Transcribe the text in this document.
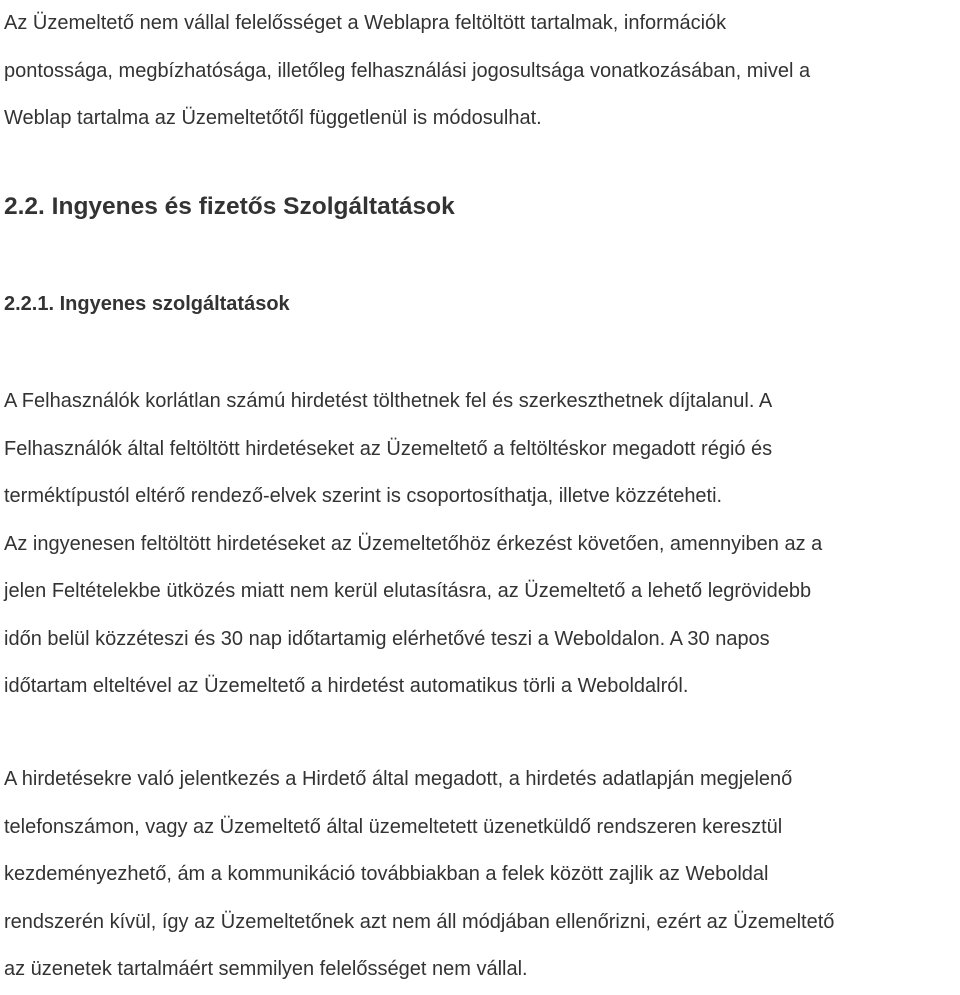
Az Üzemeltető nem vállal felelősséget a Weblapra feltöltött tartalmak, információk

pontossága, megbízhatósága, illetőleg felhasználási jogosultsága vonatkozásában, mivel a

Weblap tartalma az Üzemeltetőtől függetlenül is módosulhat.

2.2. Ingyenes és fizetős Szolgáltatások
2.2.1. Ingyenes szolgáltatások

A Felhasználók korlátlan számú hirdetést tölthetnek fel és szerkeszthetnek díjtalanul. A

Felhasználók által feltöltött hirdetéseket az Üzemeltető a feltöltéskor megadott régió és

terméktípustól eltérő rendező-elvek szerint is csoportosíthatja, illetve közzéteheti.

Az ingyenesen feltöltött hirdetéseket az Üzemeltetőhöz érkezést követően, amennyiben az a

jelen Feltételekbe ütközés miatt nem kerül elutasításra, az Üzemeltető a lehető legrövidebb

időn belül közzéteszi és 30 nap időtartamig elérhetővé teszi a Weboldalon. A 30 napos

időtartam elteltével az Üzemeltető a hirdetést automatikus törli a Weboldalról.

A hirdetésekre való jelentkezés a Hirdető által megadott, a hirdetés adatlapján megjelenő

telefonszámon, vagy az Üzemeltető által üzemeltetett üzenetküldő rendszeren keresztül

kezdeményezhető, ám a kommunikáció továbbiakban a felek között zajlik az Weboldal

rendszerén kívül, így az Üzemeltetőnek azt nem áll módjában ellenőrizni, ezért az Üzemeltető

az üzenetek tartalmáért semmilyen felelősséget nem vállal.
